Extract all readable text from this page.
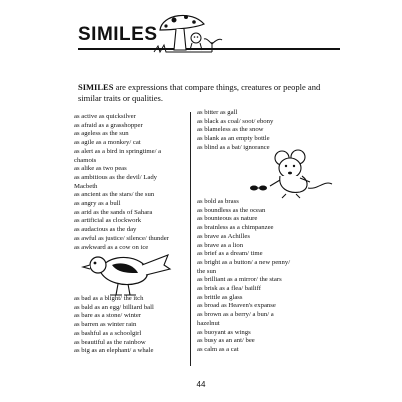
SIMILES
SIMILES are expressions that compare things, creatures or people and similar traits or qualities.
as active as quicksilver
as afraid as a grasshopper
as ageless as the sun
as agile as a monkey/ cat
as alert as a bird in springtime/ a
chamois
as alike as two peas
as ambitious as the devil/ Lady
Macbeth
as ancient as the stars/ the sun
as angry as a bull
as arid as the sands of Sahara
as artificial as clockwork
as audacious as the day
as awful as justice/ silence/ thunder
as awkward as a cow on ice
as bad as a blight/ the itch
as bald as an egg/ billiard ball
as bare as a stone/ winter
as barren as winter rain
as bashful as a schoolgirl
as beautiful as the rainbow
as big as an elephant/ a whale
as bitter as gall
as black as coal/ soot/ ebony
as blameless as the snow
as blank as an empty bottle
as blind as a bat/ ignorance
as bold as brass
as boundless as the ocean
as bounteous as nature
as brainless as a chimpanzee
as brave as Achilles
as brave as a lion
as brief as a dream/ time
as bright as a button/ a new penny/
the sun
as brilliant as a mirror/ the stars
as brisk as a flea/ bailiff
as brittle as glass
as broad as Heaven's expanse
as brown as a berry/ a bun/ a
hazelnut
as buoyant as wings
as busy as an ant/ bee
as calm as a cat
44
